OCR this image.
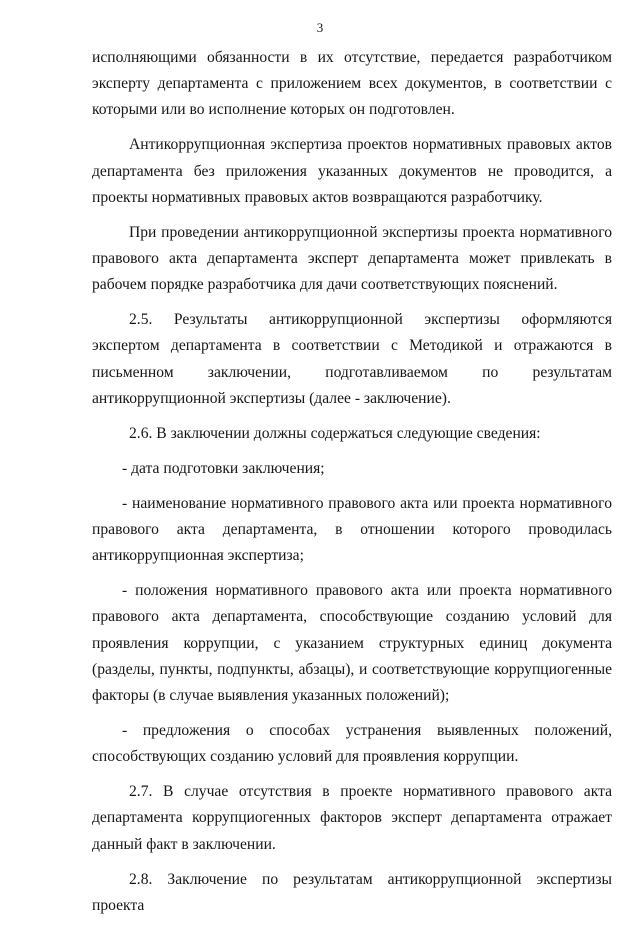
3

исполняющими обязанности в их отсутствие, передается разработчиком эксперту департамента с приложением всех документов, в соответствии с которыми или во исполнение которых он подготовлен.

Антикоррупционная экспертиза проектов нормативных правовых актов департамента без приложения указанных документов не проводится, а проекты нормативных правовых актов возвращаются разработчику.

При проведении антикоррупционной экспертизы проекта нормативного правового акта департамента эксперт департамента может привлекать в рабочем порядке разработчика для дачи соответствующих пояснений.

2.5. Результаты антикоррупционной экспертизы оформляются экспертом департамента в соответствии с Методикой и отражаются в письменном заключении, подготавливаемом по результатам антикоррупционной экспертизы (далее - заключение).

2.6. В заключении должны содержаться следующие сведения:

- дата подготовки заключения;

- наименование нормативного правового акта или проекта нормативного правового акта департамента, в отношении которого проводилась антикоррупционная экспертиза;

- положения нормативного правового акта или проекта нормативного правового акта департамента, способствующие созданию условий для проявления коррупции, с указанием структурных единиц документа (разделы, пункты, подпункты, абзацы), и соответствующие коррупциогенные факторы (в случае выявления указанных положений);

- предложения о способах устранения выявленных положений, способствующих созданию условий для проявления коррупции.

2.7. В случае отсутствия в проекте нормативного правового акта департамента коррупциогенных факторов эксперт департамента отражает данный факт в заключении.

2.8. Заключение по результатам антикоррупционной экспертизы проекта
